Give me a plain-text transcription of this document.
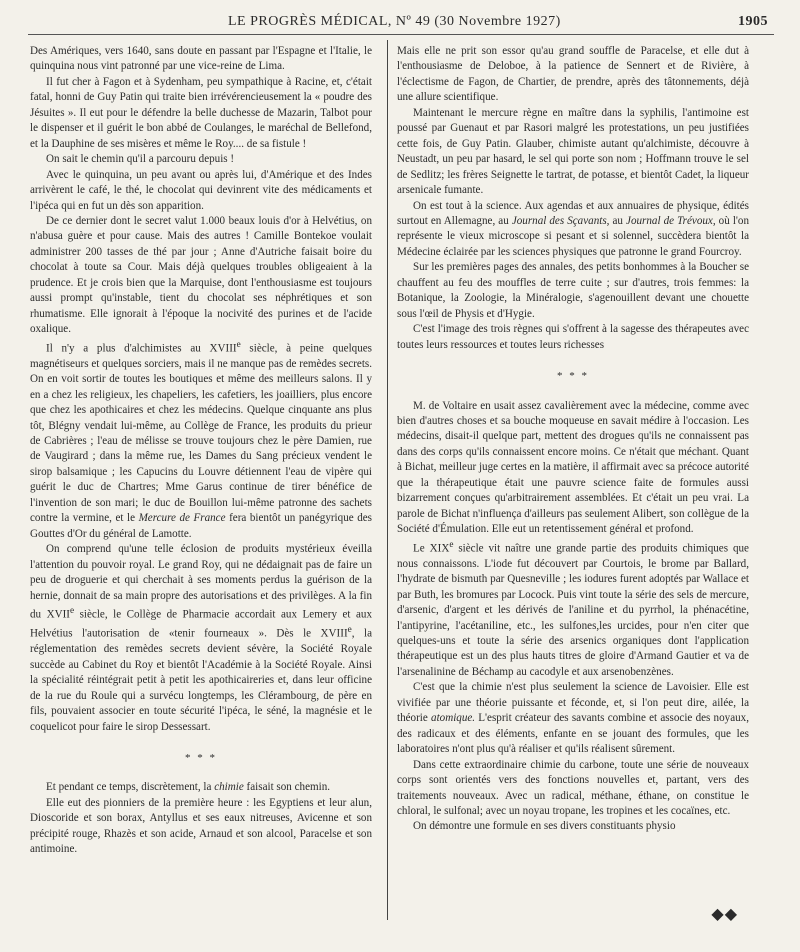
LE PROGRÈS MÉDICAL, Nº 49 (30 Novembre 1927)	1905

Des Amériques, vers 1640, sans doute en passant par l'Espagne et l'Italie, le quinquina nous vint patronné par une vice-reine de Lima.

Il fut cher à Fagon et à Sydenham, peu sympathique à Racine, et, c'était fatal, honni de Guy Patin qui traite bien irrévérencieusement la « poudre des Jésuites ». Il eut pour le défendre la belle duchesse de Mazarin, Talbot pour le dispenser et il guérit le bon abbé de Coulanges, le maréchal de Bellefond, et la Dauphine de ses misères et même le Roy.... de sa fistule !

On sait le chemin qu'il a parcouru depuis !

Avec le quinquina, un peu avant ou après lui, d'Amérique et des Indes arrivèrent le café, le thé, le chocolat qui devinrent vite des médicaments et l'ipéca qui en fut un dès son apparition.

De ce dernier dont le secret valut 1.000 beaux louis d'or à Helvétius, on n'abusa guère et pour cause. Mais des autres ! Camille Bontekoe voulait administrer 200 tasses de thé par jour ; Anne d'Autriche faisait boire du chocolat à toute sa Cour. Mais déjà quelques troubles obligeaient à la prudence. Et je crois bien que la Marquise, dont l'enthousiasme est toujours aussi prompt qu'instable, tient du chocolat ses néphrétiques et son rhumatisme. Elle ignorait à l'époque la nocivité des purines et de l'acide oxalique.

Il n'y a plus d'alchimistes au XVIIIe siècle, à peine quelques magnétiseurs et quelques sorciers, mais il ne manque pas de remèdes secrets. On en voit sortir de toutes les boutiques et même des meilleurs salons. Il y en a chez les religieux, les chapeliers, les cafetiers, les joailliers, plus encore que chez les apothicaires et chez les médecins. Quelque cinquante ans plus tôt, Blégny vendait lui-même, au Collège de France, les produits du prieur de Cabrières ; l'eau de mélisse se trouve toujours chez le père Damien, rue de Vaugirard ; dans la même rue, les Dames du Sang précieux vendent le sirop balsamique ; les Capucins du Louvre détiennent l'eau de vipère qui guérit le duc de Chartres; Mme Garus continue de tirer bénéfice de l'invention de son mari; le duc de Bouillon lui-même patronne des sachets contre la vermine, et le Mercure de France fera bientôt un panégyrique des Gouttes d'Or du général de Lamotte.

On comprend qu'une telle éclosion de produits mystérieux éveilla l'attention du pouvoir royal. Le grand Roy, qui ne dédaignait pas de faire un peu de droguerie et qui cherchait à ses moments perdus la guérison de la hernie, donnait de sa main propre des autorisations et des privilèges. A la fin du XVIIe siècle, le Collège de Pharmacie accordait aux Lemery et aux Helvétius l'autorisation de «tenir fourneaux ». Dès le XVIIIe, la réglementation des remèdes secrets devient sévère, la Société Royale succède au Cabinet du Roy et bientôt l'Académie à la Société Royale. Ainsi la spécialité réintégrait petit à petit les apothicaireries et, dans leur officine de la rue du Roule qui a survécu longtemps, les Clérambourg, de père en fils, pouvaient associer en toute sécurité l'ipéca, le séné, la magnésie et le coquelicot pour faire le sirop Dessessart.

* * *

Et pendant ce temps, discrètement, la chimie faisait son chemin.

Elle eut des pionniers de la première heure : les Egyptiens et leur alun, Dioscoride et son borax, Antyllus et ses eaux nitreuses, Avicenne et son précipité rouge, Rhazès et son acide, Arnaud et son alcool, Paracelse et son antimoine.

Mais elle ne prit son essor qu'au grand souffle de Paracelse, et elle dut à l'enthousiasme de Deloboe, à la patience de Sennert et de Rivière, à l'éclectisme de Fagon, de Chartier, de prendre, après des tâtonnements, déjà une allure scientifique.

Maintenant le mercure règne en maître dans la syphilis, l'antimoine est poussé par Guenaut et par Rasori malgré les protestations, un peu justifiées cette fois, de Guy Patin. Glauber, chimiste autant qu'alchimiste, découvre à Neustadt, un peu par hasard, le sel qui porte son nom ; Hoffmann trouve le sel de Sedlitz; les frères Seignette le tartrat, de potasse, et bientôt Cadet, la liqueur arsenicale fumante.

On est tout à la science. Aux agendas et aux annuaires de physique, édités surtout en Allemagne, au Journal des Sçavants, au Journal de Trévoux, où l'on représente le vieux microscope si pesant et si solennel, succèdera bientôt la Médecine éclairée par les sciences physiques que patronne le grand Fourcroy.

Sur les premières pages des annales, des petits bonhommes à la Boucher se chauffent au feu des mouffles de terre cuite ; sur d'autres, trois femmes: la Botanique, la Zoologie, la Minéralogie, s'agenouillent devant une chouette sous l'œil de Physis et d'Hygie.

C'est l'image des trois règnes qui s'offrent à la sagesse des thérapeutes avec toutes leurs ressources et toutes leurs richesses

* * *

M. de Voltaire en usait assez cavalièrement avec la médecine, comme avec bien d'autres choses et sa bouche moqueuse en savait médire à l'occasion. Les médecins, disait-il quelque part, mettent des drogues qu'ils ne connaissent pas dans des corps qu'ils connaissent encore moins. Ce n'était que méchant. Quant à Bichat, meilleur juge certes en la matière, il affirmait avec sa précoce autorité que la thérapeutique était une pauvre science faite de formules aussi bizarrement conçues qu'arbitrairement assemblées. Et c'était un peu vrai. La parole de Bichat n'influença d'ailleurs pas seulement Alibert, son collègue de la Société d'Émulation. Elle eut un retentissement général et profond.

Le XIXe siècle vit naître une grande partie des produits chimiques que nous connaissons. L'iode fut découvert par Courtois, le brome par Ballard, l'hydrate de bismuth par Quesneville ; les iodures furent adoptés par Wallace et par Buth, les bromures par Locock. Puis vint toute la série des sels de mercure, d'arsenic, d'argent et les dérivés de l'aniline et du pyrrhol, la phénacétine, l'antipyrine, l'acétaniline, etc., les sulfones,les urcides, pour n'en citer que quelques-uns et toute la série des arsenics organiques dont l'application thérapeutique est un des plus hauts titres de gloire d'Armand Gautier et va de l'arsenalinine de Béchamp au cacodyle et aux arsenobenzènes.

C'est que la chimie n'est plus seulement la science de Lavoisier. Elle est vivifiée par une théorie puissante et féconde, et, si l'on peut dire, ailée, la théorie atomique. L'esprit créateur des savants combine et associe des noyaux, des radicaux et des éléments, enfante en se jouant des formules, que les laboratoires n'ont plus qu'à réaliser et qu'ils réalisent sûrement.

Dans cette extraordinaire chimie du carbone, toute une série de nouveaux corps sont orientés vers des fonctions nouvelles et, partant, vers des traitements nouveaux. Avec un radical, méthane, éthane, on constitue le chloral, le sulfonal; avec un noyau tropane, les tropines et les cocaïnes, etc.

On démontre une formule en ses divers constituants physio

◆◆
